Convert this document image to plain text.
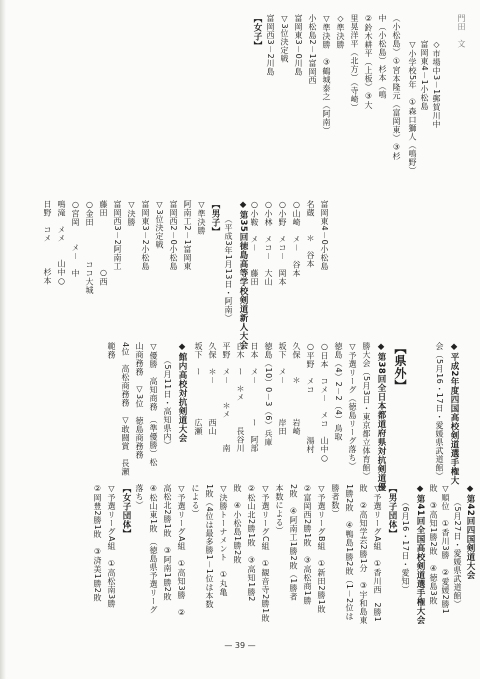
門田　文
◇市場中3－1郵賀川中
富岡東4－1小松島
▽小学校5年　①森口獅人（鳴野）
（小松島）①宮本隆元（富岡東）③杉
中（小松島）杉本（鳴
②鈴木耕平（上板）③大
里晃洋平（北方）（寺崎）
◇準決勝
▽準決勝　③鶴城泰之（阿南）
小松島2－1富岡西
富岡東3－0川島
▽3位決定戦
富岡西3－2川島
【女子】
◆第35回徳島高等学校剣道新人大会
（平成3年1月13日・阿南）
【男子】
▽準決勝
阿南工2－1富岡東
富岡西2－0小松島
▽3位決定戦
富岡東3－2小松島
▽決勝
富岡西3－2阿南工
藤田　　　　　　○西
○金田　　　　ココ大城
○宮岡　　メ－　中
鳴滝　メメ　　山中○
日野　コメ　　　杉本	富岡東4－0小松島
名蔵　　＊　谷本
○山崎　メ－　谷本
○小野　メコ－　岡本
○小林　メコ－　大山
○小鞍　メ－　　藤田
【県外】
◆第38回全日本都道府県対抗剣道優
勝大会（5月3日・東京都立体育館）
▽予選リーグ（徳島リーグ落ち）
徳島（4）2－2（4）鳥取
○日本　コメ－　メコ　山中○
○平野　メコ　　　　　湯村
久保　　＊　　　　岩崎
坂下　メ－　　　　岸田
徳島（10）0－3（6）兵庫
日本　メ－　　　　ー　阿部
白木　ー　＊メ　　　長谷川
平野　メ－　　＊メ　　　南
久保　＊－　　　　西山
坂下　ー　　　　　広瀬
◆第41回全国高校剣道選手権大会
（6月16・17日・愛知）
【男子団体】
▽予選リーグA組　①香川西　2勝1
敗　②高知学芸2勝1分　③宇和島東
1勝2敗　④鴨島1勝2敗（1－2位は
勝者数）
◆平成2年度四国高校剣道選手権大
会（5月16・17日・愛媛県武道館）
▽予選リーグB組　①新田2勝1敗
②富岡西2勝1敗　③高松商1勝
2敗　④阿南工1勝2敗（1勝者
本数による）
▽予選リーグC組　①観音寺2勝1敗
②松山北2勝1敗　③高知1勝2
敗　④小松島1勝2敗
▽決勝トーナメント　①丸亀
1敗（4位は最多勝1－1位は本数
による）	◆第42回四国剣道大会
（5月27日・愛媛県武道館）
▽順位　①香川3勝　②愛媛2勝1
敗　③高知1勝2敗　④徳島3敗
◆館内高校対抗剣道大会
（5月11日・高知県内）
▽優勝　高知商務　（準優勝）松
山商務務　▽3位　徳島商務務
4位　高松商務務　▽敢闘賞　長瀬
範務
▽予選リーグA組　①高知3勝　②
高松北2勝1敗　③阿南1勝2敗
④松山東1敗　（徳島県予選リーグ
落ち）
【女子団体】
▽予選リーグA組　①高松南3勝
②岡豊2勝1敗　③済美1勝2敗
— 39 —
